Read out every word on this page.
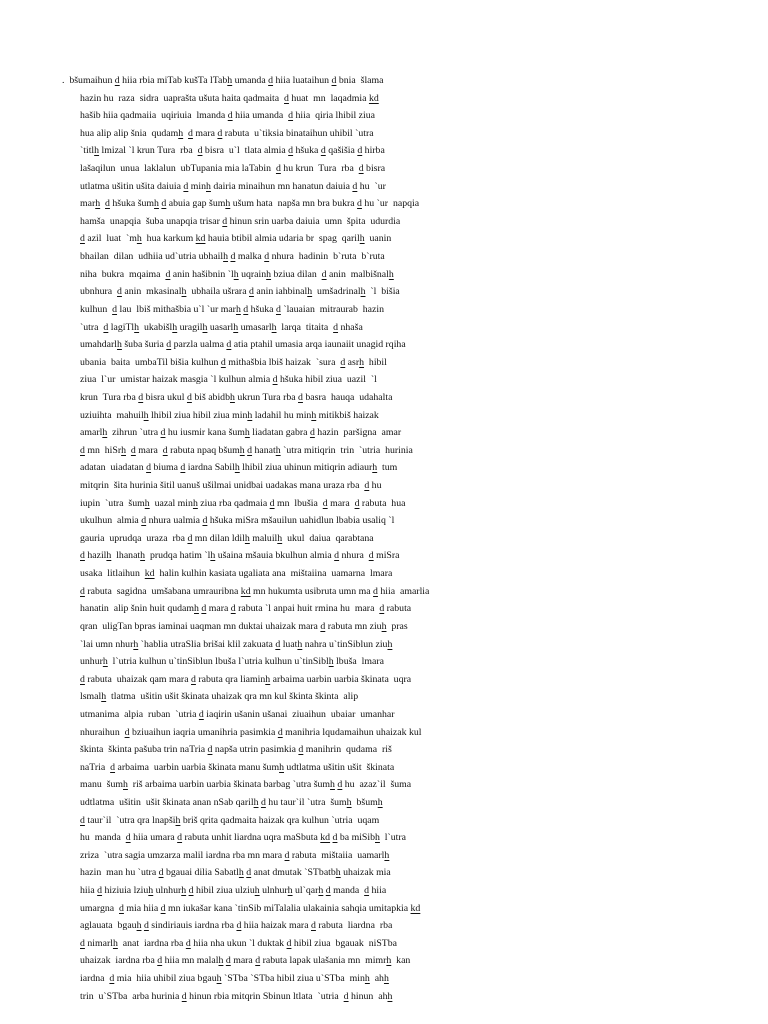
.  bšumaihun d hiia rbia miTab kušTa lTabh umanda d hiia luataihun d bnia  šlama
hazin hu  raza  sidra  uaprašta ušuta haita qadmaita  d huat  mn  laqadmia kd
hašib hiia qadmaiia  uqiriuia  lmanda d hiia umanda  d hiia  qiria lhibil ziua
hua alip alip šnia  qudamh d mara d rabuta  u`tiksia binataihun uhibil `utra
`titlh lmizal `l krun Tura  rba  d bisra  u`l  tlata almia d hšuka d qašišia d hirba
lašaqilun  unua  laklalun  ubTupania mia laTabin  d hu krun  Tura  rba  d bisra
utlatma ušitin ušita daiuia d minh dairia minaihun mn hanatun daiuia d hu  `ur
marh d hšuka šumh d abuia gap šumh ušum hata  napša mn bra bukra d hu `ur  napqia
hamša  unapqia  šuba unapqia trisar d hinun srin uarba daiuia  umn  špita  udurdia
d azil  luat  `mh  hua karkum kd hauia btibil almia udaria br  spag  qarilh  uanin
bhailan  dilan  udhiia ud`utria ubhailh d malka d nhura  hadinin  b`ruta  b`ruta
niha  bukra  mqaima  d anin hašibnin `lh uqrainh bziua dilan  d anin  malbišnalh
ubnhura  d anin  mkasinalh  ubhaila ušrara d anin iahbinalh  umšadrinalh  `l  bišia
kulhun  d lau  lbiš mithašbia u`l `ur marh d hšuka d `lauaian  mitraurab  hazin
`utra  d lagiTlh  ukabišlh uragilh uasarlh umasarlh  larqa  titaita  d nhaša
umahdarlh šuba šuria d parzla ualma d atia ptahil umasia arqa iaunaiit unagid rqiha
ubania  baita  umbaTil bišia kulhun d mithašbia lbiš haizak  `sura  d asrh  hibil
ziua  l`ur  umistar haizak masgia `l kulhun almia d hšuka hibil ziua  uazil  `l
krun  Tura rba d bisra ukul d biš abidbh ukrun Tura rba d basra  hauqa  udahalta
uziuihta  mahuilh lhibil ziua hibil ziua minh ladahil hu minh mitikbiš haizak
amarlh  zihrun `utra d hu iusmir kana šumh liadatan gabra d hazin  paršigna  amar
d mn  hiSrh d mara  d rabuta npaq bšumh d hanath `utra mitiqrin  trin  `utria  hurinia
adatan  uiadatan d biuma d iardna Sabilh lhibil ziua uhinun mitiqrin adiaurh  tum
mitqrin  šita hurinia šitil uanuš ušilmai unidbai uadakas mana uraza rba  d hu
iupin  `utra  šumh  uazal minh ziua rba qadmaia d mn  lbušia  d mara  d rabuta  hua
ukulhun  almia d nhura ualmia d hšuka miSra mšauilun uahidlun lbabia usaliq `l
gauria  uprudqa  uraza  rba d mn dilan ldilh maluilh  ukul  daiua  qarabtana
d hazilh  lhanath  prudqa hatim `lh ušaina mšauia bkulhun almia d nhura  d miSra
usaka  litlaihun  kd  halin kulhin kasiata ugaliata ana  mištaiina  uamarna  lmara
d rabuta  sagidna  umšabana umrauribna kd mn hukumta usibruta umn ma d hiia  amarlia
hanatin  alip šnin huit qudamh d mara d rabuta `l anpai huit rmina hu  mara  d rabuta
qran  uligTan bpras iaminai uaqman mn duktai uhaizak mara d rabuta mn ziuh  pras
`lai umn nhurh `hablia utraSlia brišai klil zakuata d luath nahra u`tinSiblun ziuh
unhurh  l`utria kulhun u`tinSiblun lbuša l`utria kulhun u`tinSiblh lbuša  lmara
d rabuta  uhaizak qam mara d rabuta qra liaminh arbaima uarbin uarbia škinata  uqra
lsmalh  tlatma  ušitin ušit škinata uhaizak qra mn kul škinta škinta  alip
utmanima  alpia  ruban  `utria d iaqirin ušanin ušanai  ziuaihun  ubaiar  umanhar
nhuraihun  d bziuaihun iaqria umanihria pasimkia d manihria lqudamaihun uhaizak kul
škinta  škinta pašuba trin naTria d napša utrin pasimkia d manihrin  qudama  riš
naTria  d arbaima  uarbin uarbia škinata manu šumh udtlatma ušitin ušit  škinata
manu  šumh  riš arbaima uarbin uarbia škinata barbag `utra šumh d hu  azaz`il  šuma
udtlatma  ušitin  ušit škinata anan nSab qarilh d hu taur`il `utra  šumh  bšumh
d taur`il  `utra qra lnapših briš qrita qadmaita haizak qra kulhun `utria  uqam
hu  manda  d hiia umara d rabuta unhit liardna uqra maSbuta kd d ba miSibh  l`utra
zriza  `utra sagia umzarza malil iardna rba mn mara d rabuta  mištaiia  uamarlh
hazin  man hu `utra d bgauai dilia Sabatlh d anat dmutak `STbatbh uhaizak mia
hiia d hiziuia lziuh ulnhurh d hibil ziua ulziuh ulnhurh ul`qarh d manda  d hiia
umargna  d mia hiia d mn iukašar kana `tinSib miTalalia ulakainia sahqia umitapkia kd
aglauata  bgauh d sindiriauis iardna rba d hiia haizak mara d rabuta  liardna  rba
d nimarlh  anat  iardna rba d hiia nha ukun `l duktak d hibil ziua  bgauak  niSTba
uhaizak  iardna rba d hiia mn malalh d mara d rabuta lapak ulašania mn  mimrh  kan
iardna  d mia  hiia uhibil ziua bgauh `STba `STba hibil ziua u`STba  minh  ahh
trin  u`STba  arba hurinia d hinun rbia mitqrin Sbinun ltlata  `utria  d hinun  ahh
